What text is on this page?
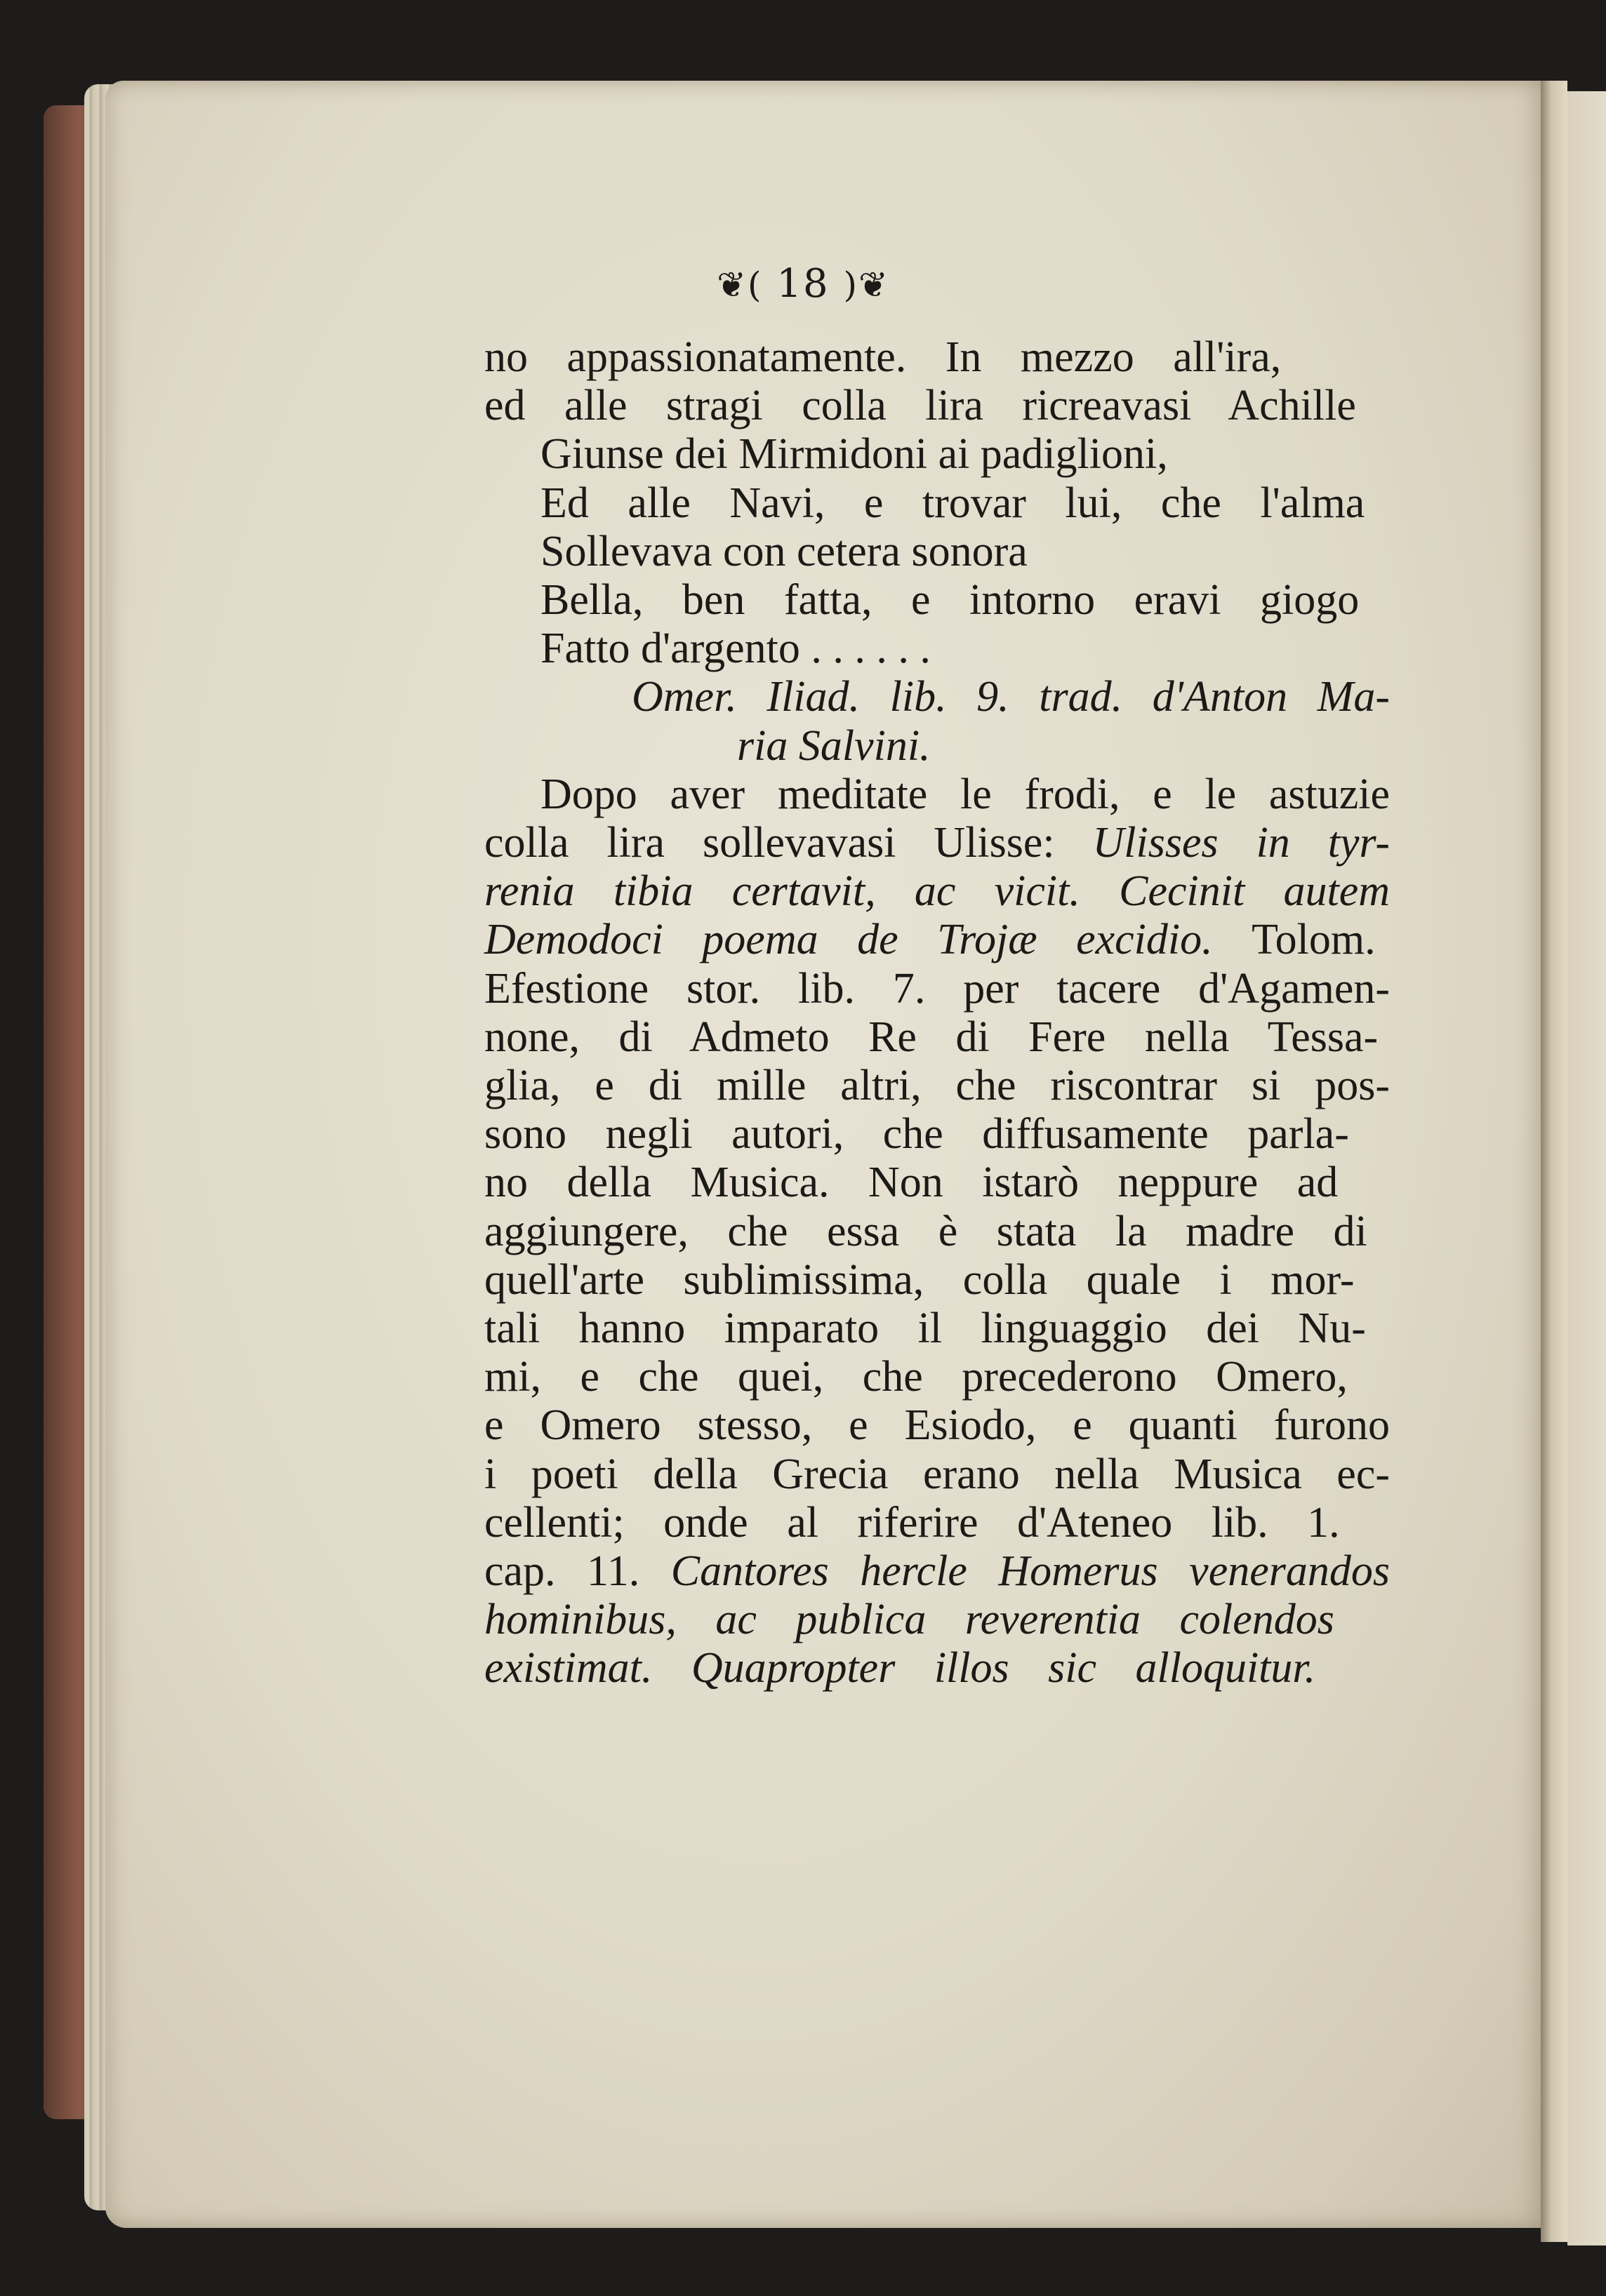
❦( 18 )❦
no appassionatamente. In mezzo all'ira,
ed alle stragi colla lira ricreavasi Achille
Giunse dei Mirmidoni ai padiglioni,
Ed alle Navi, e trovar lui, che l'alma
Sollevava con cetera sonora
Bella, ben fatta, e intorno eravi giogo
Fatto d'argento . . . . . .
Omer. Iliad. lib. 9. trad. d'Anton Ma-
ria Salvini.
Dopo aver meditate le frodi, e le astuzie
colla lira sollevavasi Ulisse: Ulisses in tyr-
renia tibia certavit, ac vicit. Cecinit autem
Demodoci poema de Trojæ excidio. Tolom.
Efestione stor. lib. 7. per tacere d'Agamen-
none, di Admeto Re di Fere nella Tessa-
glia, e di mille altri, che riscontrar si pos-
sono negli autori, che diffusamente parla-
no della Musica. Non istarò neppure ad
aggiungere, che essa è stata la madre di
quell'arte sublimissima, colla quale i mor-
tali hanno imparato il linguaggio dei Nu-
mi, e che quei, che precederono Omero,
e Omero stesso, e Esiodo, e quanti furono
i poeti della Grecia erano nella Musica ec-
cellenti; onde al riferire d'Ateneo lib. 1.
cap. 11. Cantores hercle Homerus venerandos
hominibus, ac publica reverentia colendos
existimat. Quapropter illos sic alloquitur.
